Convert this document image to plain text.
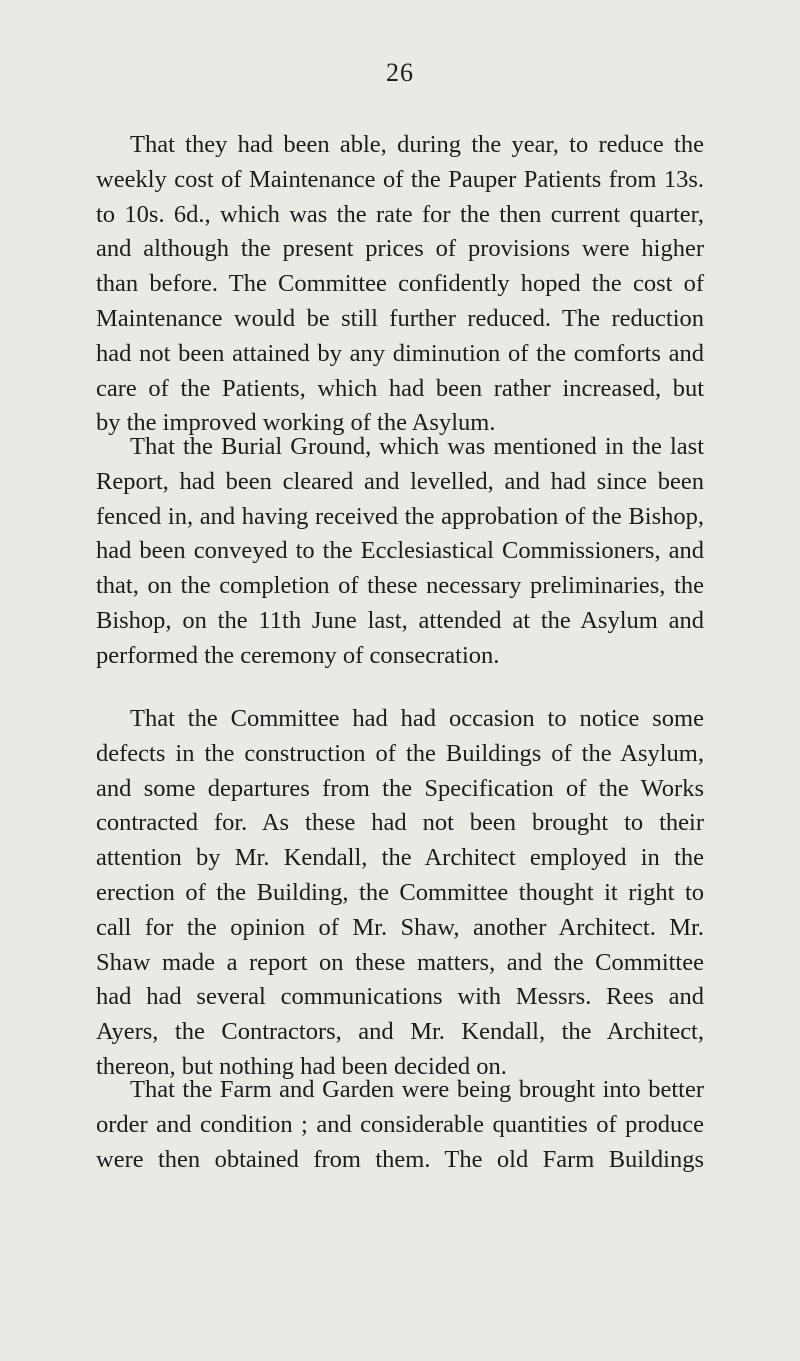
26

That they had been able, during the year, to reduce the
weekly cost of Maintenance of the Pauper Patients from 13s.
to 10s. 6d., which was the rate for the then current quarter,
and although the present prices of provisions were higher
than before. The Committee confidently hoped the cost of
Maintenance would be still further reduced. The reduction
had not been attained by any diminution of the comforts and
care of the Patients, which had been rather increased, but
by the improved working of the Asylum.

That the Burial Ground, which was mentioned in the last
Report, had been cleared and levelled, and had since been
fenced in, and having received the approbation of the Bishop,
had been conveyed to the Ecclesiastical Commissioners, and
that, on the completion of these necessary preliminaries, the
Bishop, on the 11th June last, attended at the Asylum and
performed the ceremony of consecration.

That the Committee had had occasion to notice some
defects in the construction of the Buildings of the Asylum,
and some departures from the Specification of the Works
contracted for. As these had not been brought to their
attention by Mr. Kendall, the Architect employed in the
erection of the Building, the Committee thought it right to
call for the opinion of Mr. Shaw, another Architect. Mr.
Shaw made a report on these matters, and the Committee
had had several communications with Messrs. Rees and
Ayers, the Contractors, and Mr. Kendall, the Architect,
thereon, but nothing had been decided on.

That the Farm and Garden were being brought into better
order and condition ; and considerable quantities of produce
were then obtained from them. The old Farm Buildings
